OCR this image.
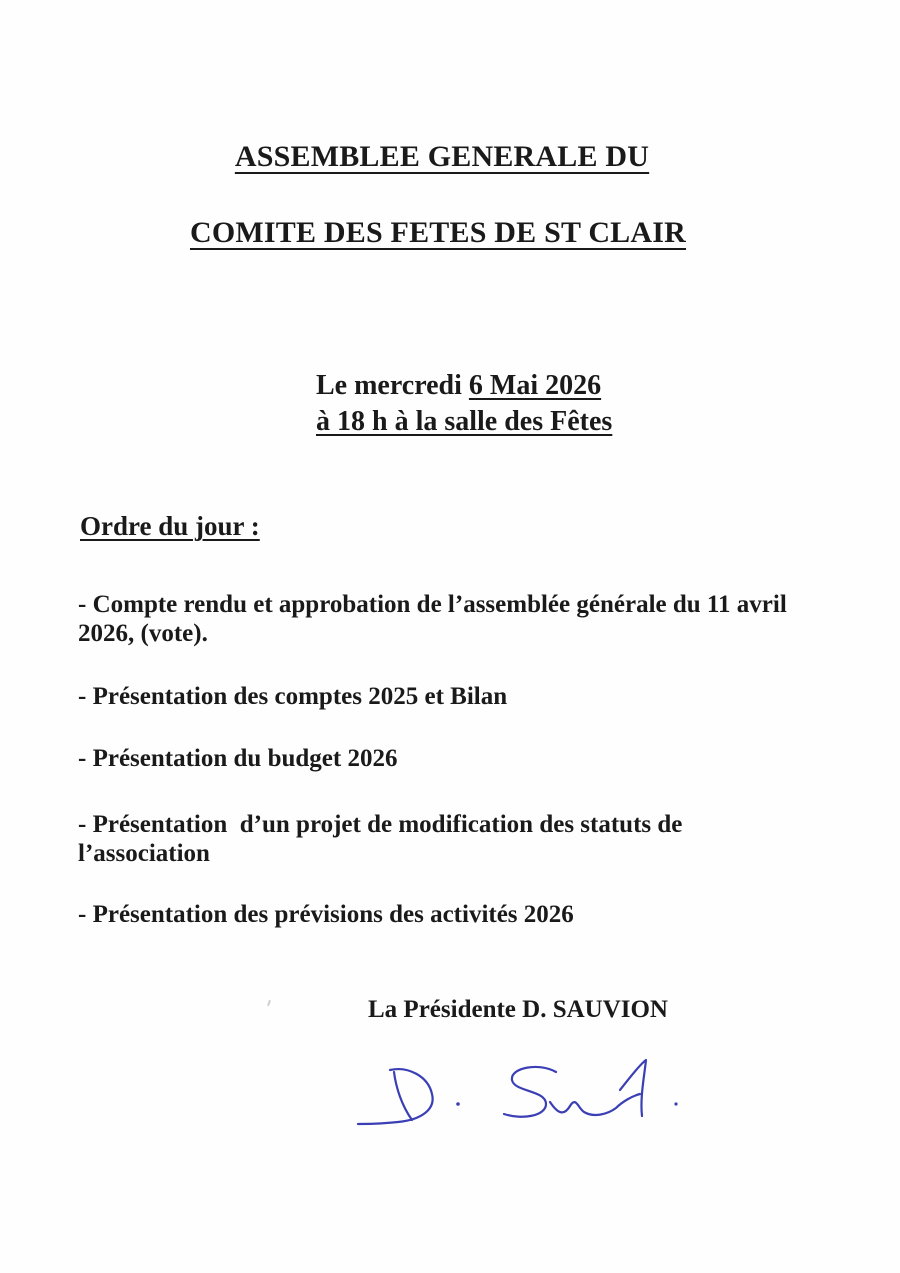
ASSEMBLEE GENERALE DU
COMITE DES FETES DE ST CLAIR
Le mercredi 6 Mai 2026
à 18 h à la salle des Fêtes
Ordre du jour :
- Compte rendu et approbation de l’assemblée générale du 11 avril 2026, (vote).
- Présentation des comptes 2025 et Bilan
- Présentation du budget 2026
- Présentation  d’un projet de modification des statuts de l’association
- Présentation des prévisions des activités 2026
La Présidente D. SAUVION
